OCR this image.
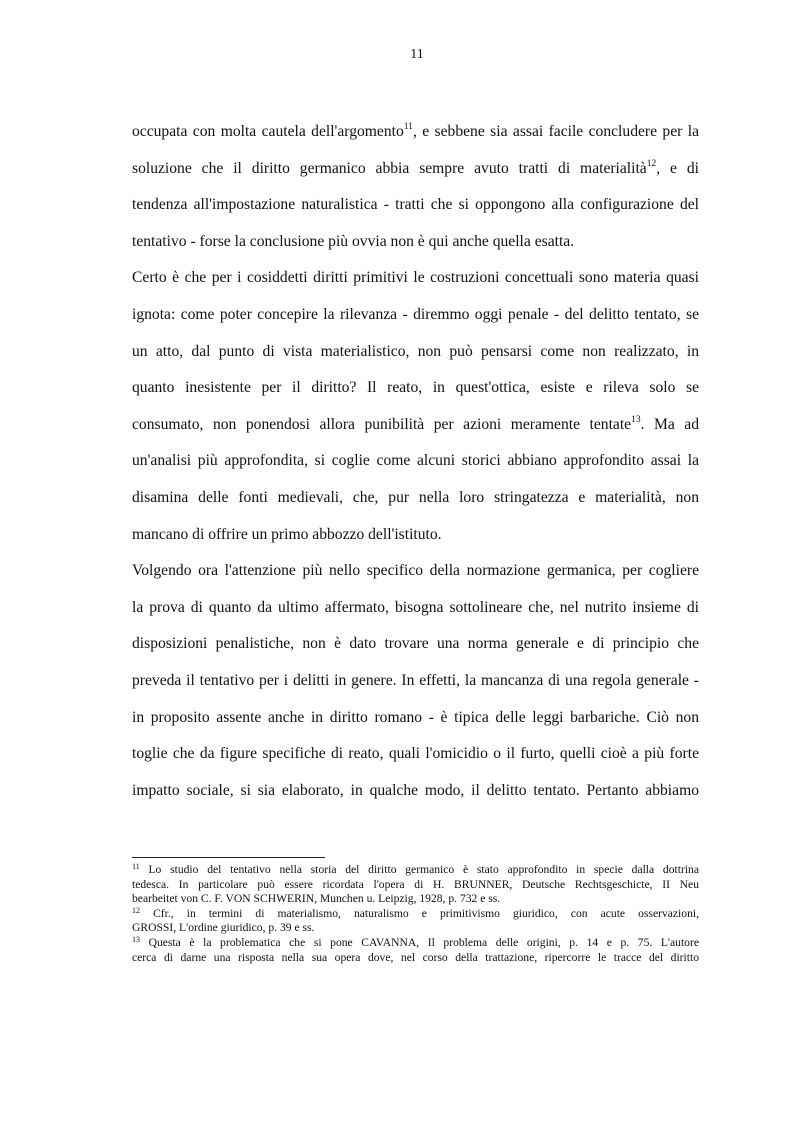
11
occupata con molta cautela dell'argomento$^{11}$, e sebbene sia assai facile concludere per la
soluzione che il diritto germanico abbia sempre avuto tratti di materialità$^{12}$, e di
tendenza all'impostazione naturalistica - tratti che si oppongono alla configurazione del
tentativo - forse la conclusione più ovvia non è qui anche quella esatta.
Certo è che per i cosiddetti diritti primitivi le costruzioni concettuali sono materia quasi
ignota: come poter concepire la rilevanza - diremmo oggi penale - del delitto tentato, se
un atto, dal punto di vista materialistico, non può pensarsi come non realizzato, in
quanto inesistente per il diritto? Il reato, in quest'ottica, esiste e rileva solo se
consumato, non ponendosi allora punibilità per azioni meramente tentate$^{13}$. Ma ad
un'analisi più approfondita, si coglie come alcuni storici abbiano approfondito assai la
disamina delle fonti medievali, che, pur nella loro stringatezza e materialità, non
mancano di offrire un primo abbozzo dell'istituto.
Volgendo ora l'attenzione più nello specifico della normazione germanica, per cogliere
la prova di quanto da ultimo affermato, bisogna sottolineare che, nel nutrito insieme di
disposizioni penalistiche, non è dato trovare una norma generale e di principio che
preveda il tentativo per i delitti in genere. In effetti, la mancanza di una regola generale -
in proposito assente anche in diritto romano - è tipica delle leggi barbariche. Ciò non
toglie che da figure specifiche di reato, quali l'omicidio o il furto, quelli cioè a più forte
impatto sociale, si sia elaborato, in qualche modo, il delitto tentato. Pertanto abbiamo
$^{11}$ Lo studio del tentativo nella storia del diritto germanico è stato approfondito in specie dalla dottrina
tedesca. In particolare può essere ricordata l'opera di H. BRUNNER, Deutsche Rechtsgeschicte, II Neu
bearbeitet von C. F. VON SCHWERIN, Munchen u. Leipzig, 1928, p. 732 e ss.
$^{12}$ Cfr., in termini di materialismo, naturalismo e primitivismo giuridico, con acute osservazioni,
GROSSI, L'ordine giuridico, p. 39 e ss.
$^{13}$ Questa è la problematica che si pone CAVANNA, Il problema delle origini, p. 14 e p. 75. L'autore
cerca di darne una risposta nella sua opera dove, nel corso della trattazione, ripercorre le tracce del diritto
